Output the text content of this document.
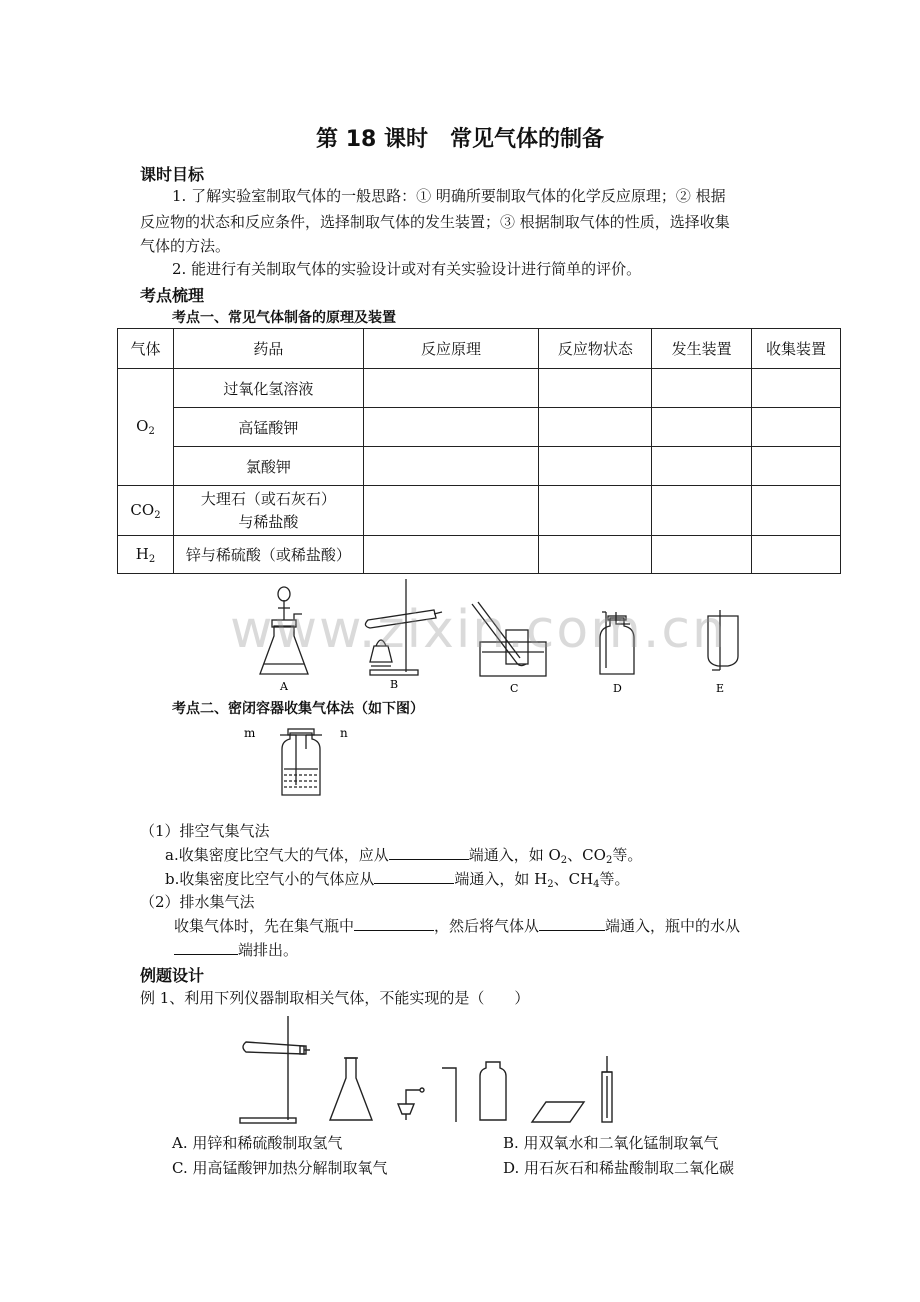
第 18 课时　常见气体的制备
课时目标
1. 了解实验室制取气体的一般思路：① 明确所要制取气体的化学反应原理；② 根据
反应物的状态和反应条件，选择制取气体的发生装置；③ 根据制取气体的性质，选择收集
气体的方法。
2. 能进行有关制取气体的实验设计或对有关实验设计进行简单的评价。
考点梳理
考点一、常见气体制备的原理及装置
气体	药品	反应原理	反应物状态	发生装置	收集装置
$O_2$	过氧化氢溶液				
	高锰酸钾				
	氯酸钾				
$CO_2$	大理石（或石灰石）
与稀盐酸				

$H_2$	锌与稀硫酸（或稀盐酸）				
A	B	C	D	E
www.zixin.com.cn
考点二、密闭容器收集气体法（如下图）
m	n
（1）排空气集气法
a.收集密度比空气大的气体，应从	端通入，如 $O_2$、$CO_2$等。
b.收集密度比空气小的气体应从	端通入，如 $H_2$、$CH_4$等。
（2）排水集气法
收集气体时，先在集气瓶中	，然后将气体从	端通入，瓶中的水从
端排出。
例题设计
例 1、利用下列仪器制取相关气体，不能实现的是（　　）
A. 用锌和稀硫酸制取氢气	B. 用双氧水和二氧化锰制取氧气
C. 用高锰酸钾加热分解制取氧气	D. 用石灰石和稀盐酸制取二氧化碳
